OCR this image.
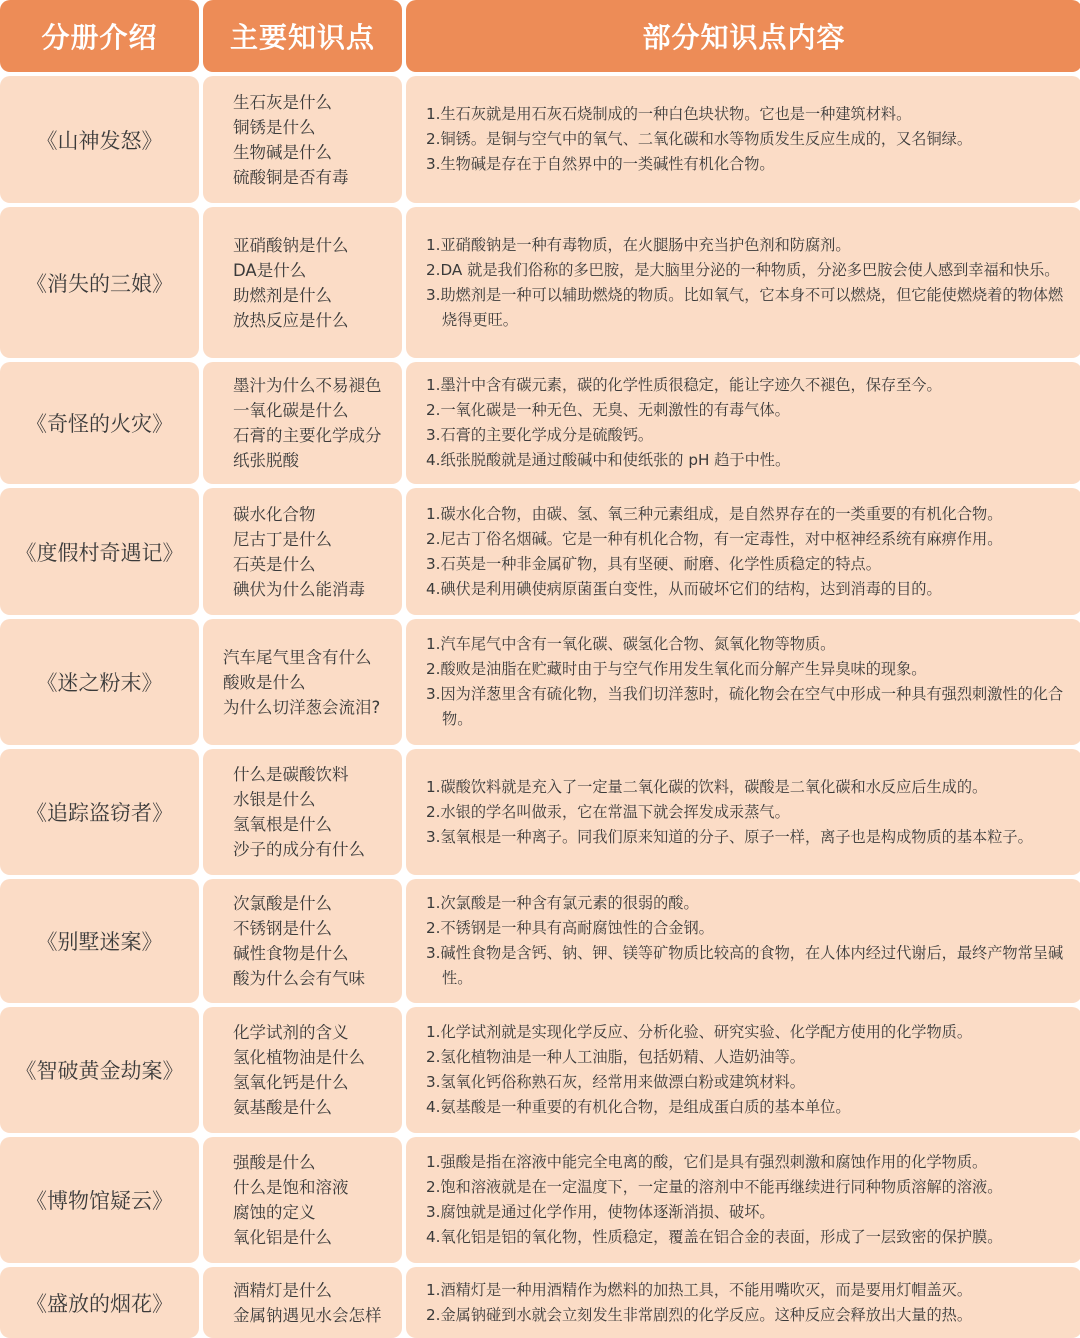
分册介绍	主要知识点	部分知识点内容
《山神发怒》
生石灰是什么
铜锈是什么
生物碱是什么
硫酸铜是否有毒
1.生石灰就是用石灰石烧制成的一种白色块状物。它也是一种建筑材料。
2.铜锈。是铜与空气中的氧气、二氧化碳和水等物质发生反应生成的，又名铜绿。
3.生物碱是存在于自然界中的一类碱性有机化合物。
《消失的三娘》
亚硝酸钠是什么
DA是什么
助燃剂是什么
放热反应是什么
1.亚硝酸钠是一种有毒物质，在火腿肠中充当护色剂和防腐剂。
2.DA 就是我们俗称的多巴胺，是大脑里分泌的一种物质，分泌多巴胺会使人感到幸福和快乐。
3.助燃剂是一种可以辅助燃烧的物质。比如氧气，它本身不可以燃烧，但它能使燃烧着的物体燃烧得更旺。
《奇怪的火灾》
墨汁为什么不易褪色
一氧化碳是什么
石膏的主要化学成分
纸张脱酸
1.墨汁中含有碳元素，碳的化学性质很稳定，能让字迹久不褪色，保存至今。
2.一氧化碳是一种无色、无臭、无刺激性的有毒气体。
3.石膏的主要化学成分是硫酸钙。
4.纸张脱酸就是通过酸碱中和使纸张的 pH 趋于中性。
《度假村奇遇记》
碳水化合物
尼古丁是什么
石英是什么
碘伏为什么能消毒
1.碳水化合物，由碳、氢、氧三种元素组成，是自然界存在的一类重要的有机化合物。
2.尼古丁俗名烟碱。它是一种有机化合物，有一定毒性，对中枢神经系统有麻痹作用。
3.石英是一种非金属矿物，具有坚硬、耐磨、化学性质稳定的特点。
4.碘伏是利用碘使病原菌蛋白变性，从而破坏它们的结构，达到消毒的目的。
《迷之粉末》
汽车尾气里含有什么
酸败是什么
为什么切洋葱会流泪?
1.汽车尾气中含有一氧化碳、碳氢化合物、氮氧化物等物质。
2.酸败是油脂在贮藏时由于与空气作用发生氧化而分解产生异臭味的现象。
3.因为洋葱里含有硫化物，当我们切洋葱时，硫化物会在空气中形成一种具有强烈刺激性的化合物。
《追踪盗窃者》
什么是碳酸饮料
水银是什么
氢氧根是什么
沙子的成分有什么
1.碳酸饮料就是充入了一定量二氧化碳的饮料，碳酸是二氧化碳和水反应后生成的。
2.水银的学名叫做汞，它在常温下就会挥发成汞蒸气。
3.氢氧根是一种离子。同我们原来知道的分子、原子一样，离子也是构成物质的基本粒子。
《别墅迷案》
次氯酸是什么
不锈钢是什么
碱性食物是什么
酸为什么会有气味
1.次氯酸是一种含有氯元素的很弱的酸。
2.不锈钢是一种具有高耐腐蚀性的合金钢。
3.碱性食物是含钙、钠、钾、镁等矿物质比较高的食物，在人体内经过代谢后，最终产物常呈碱性。
《智破黄金劫案》
化学试剂的含义
氢化植物油是什么
氢氧化钙是什么
氨基酸是什么
1.化学试剂就是实现化学反应、分析化验、研究实验、化学配方使用的化学物质。
2.氢化植物油是一种人工油脂，包括奶精、人造奶油等。
3.氢氧化钙俗称熟石灰，经常用来做漂白粉或建筑材料。
4.氨基酸是一种重要的有机化合物，是组成蛋白质的基本单位。
《博物馆疑云》
强酸是什么
什么是饱和溶液
腐蚀的定义
氧化铝是什么
1.强酸是指在溶液中能完全电离的酸，它们是具有强烈刺激和腐蚀作用的化学物质。
2.饱和溶液就是在一定温度下，一定量的溶剂中不能再继续进行同种物质溶解的溶液。
3.腐蚀就是通过化学作用，使物体逐渐消损、破坏。
4.氧化铝是铝的氧化物，性质稳定，覆盖在铝合金的表面，形成了一层致密的保护膜。
《盛放的烟花》
酒精灯是什么
金属钠遇见水会怎样
1.酒精灯是一种用酒精作为燃料的加热工具，不能用嘴吹灭，而是要用灯帽盖灭。
2.金属钠碰到水就会立刻发生非常剧烈的化学反应。这种反应会释放出大量的热。
